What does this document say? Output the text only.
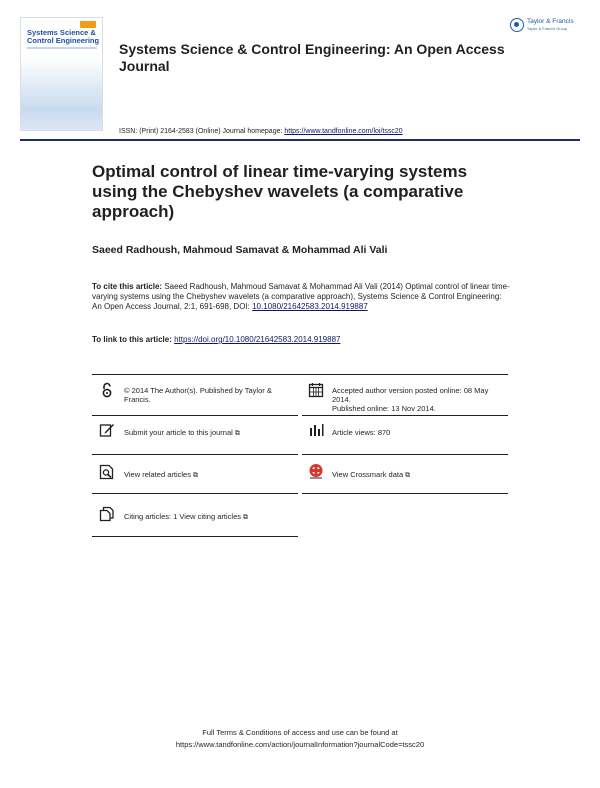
Systems Science & Control Engineering
Systems Science & Control Engineering: An Open Access Journal
Taylor & Francis
Taylor & Francis Group
ISSN: (Print) 2164-2583 (Online) Journal homepage: https://www.tandfonline.com/loi/tssc20
Optimal control of linear time-varying systems using the Chebyshev wavelets (a comparative approach)
Saeed Radhoush, Mahmoud Samavat & Mohammad Ali Vali
To cite this article: Saeed Radhoush, Mahmoud Samavat & Mohammad Ali Vali (2014) Optimal control of linear time-varying systems using the Chebyshev wavelets (a comparative approach), Systems Science & Control Engineering: An Open Access Journal, 2:1, 691-698, DOI: 10.1080/21642583.2014.919887
To link to this article: https://doi.org/10.1080/21642583.2014.919887
© 2014 The Author(s). Published by Taylor & Francis.
Accepted author version posted online: 08 May 2014.
Published online: 13 Nov 2014.
Submit your article to this journal ⧉	Article views: 870
View related articles ⧉	View Crossmark data ⧉
Citing articles: 1 View citing articles ⧉
Full Terms & Conditions of access and use can be found at
https://www.tandfonline.com/action/journalInformation?journalCode=tssc20
